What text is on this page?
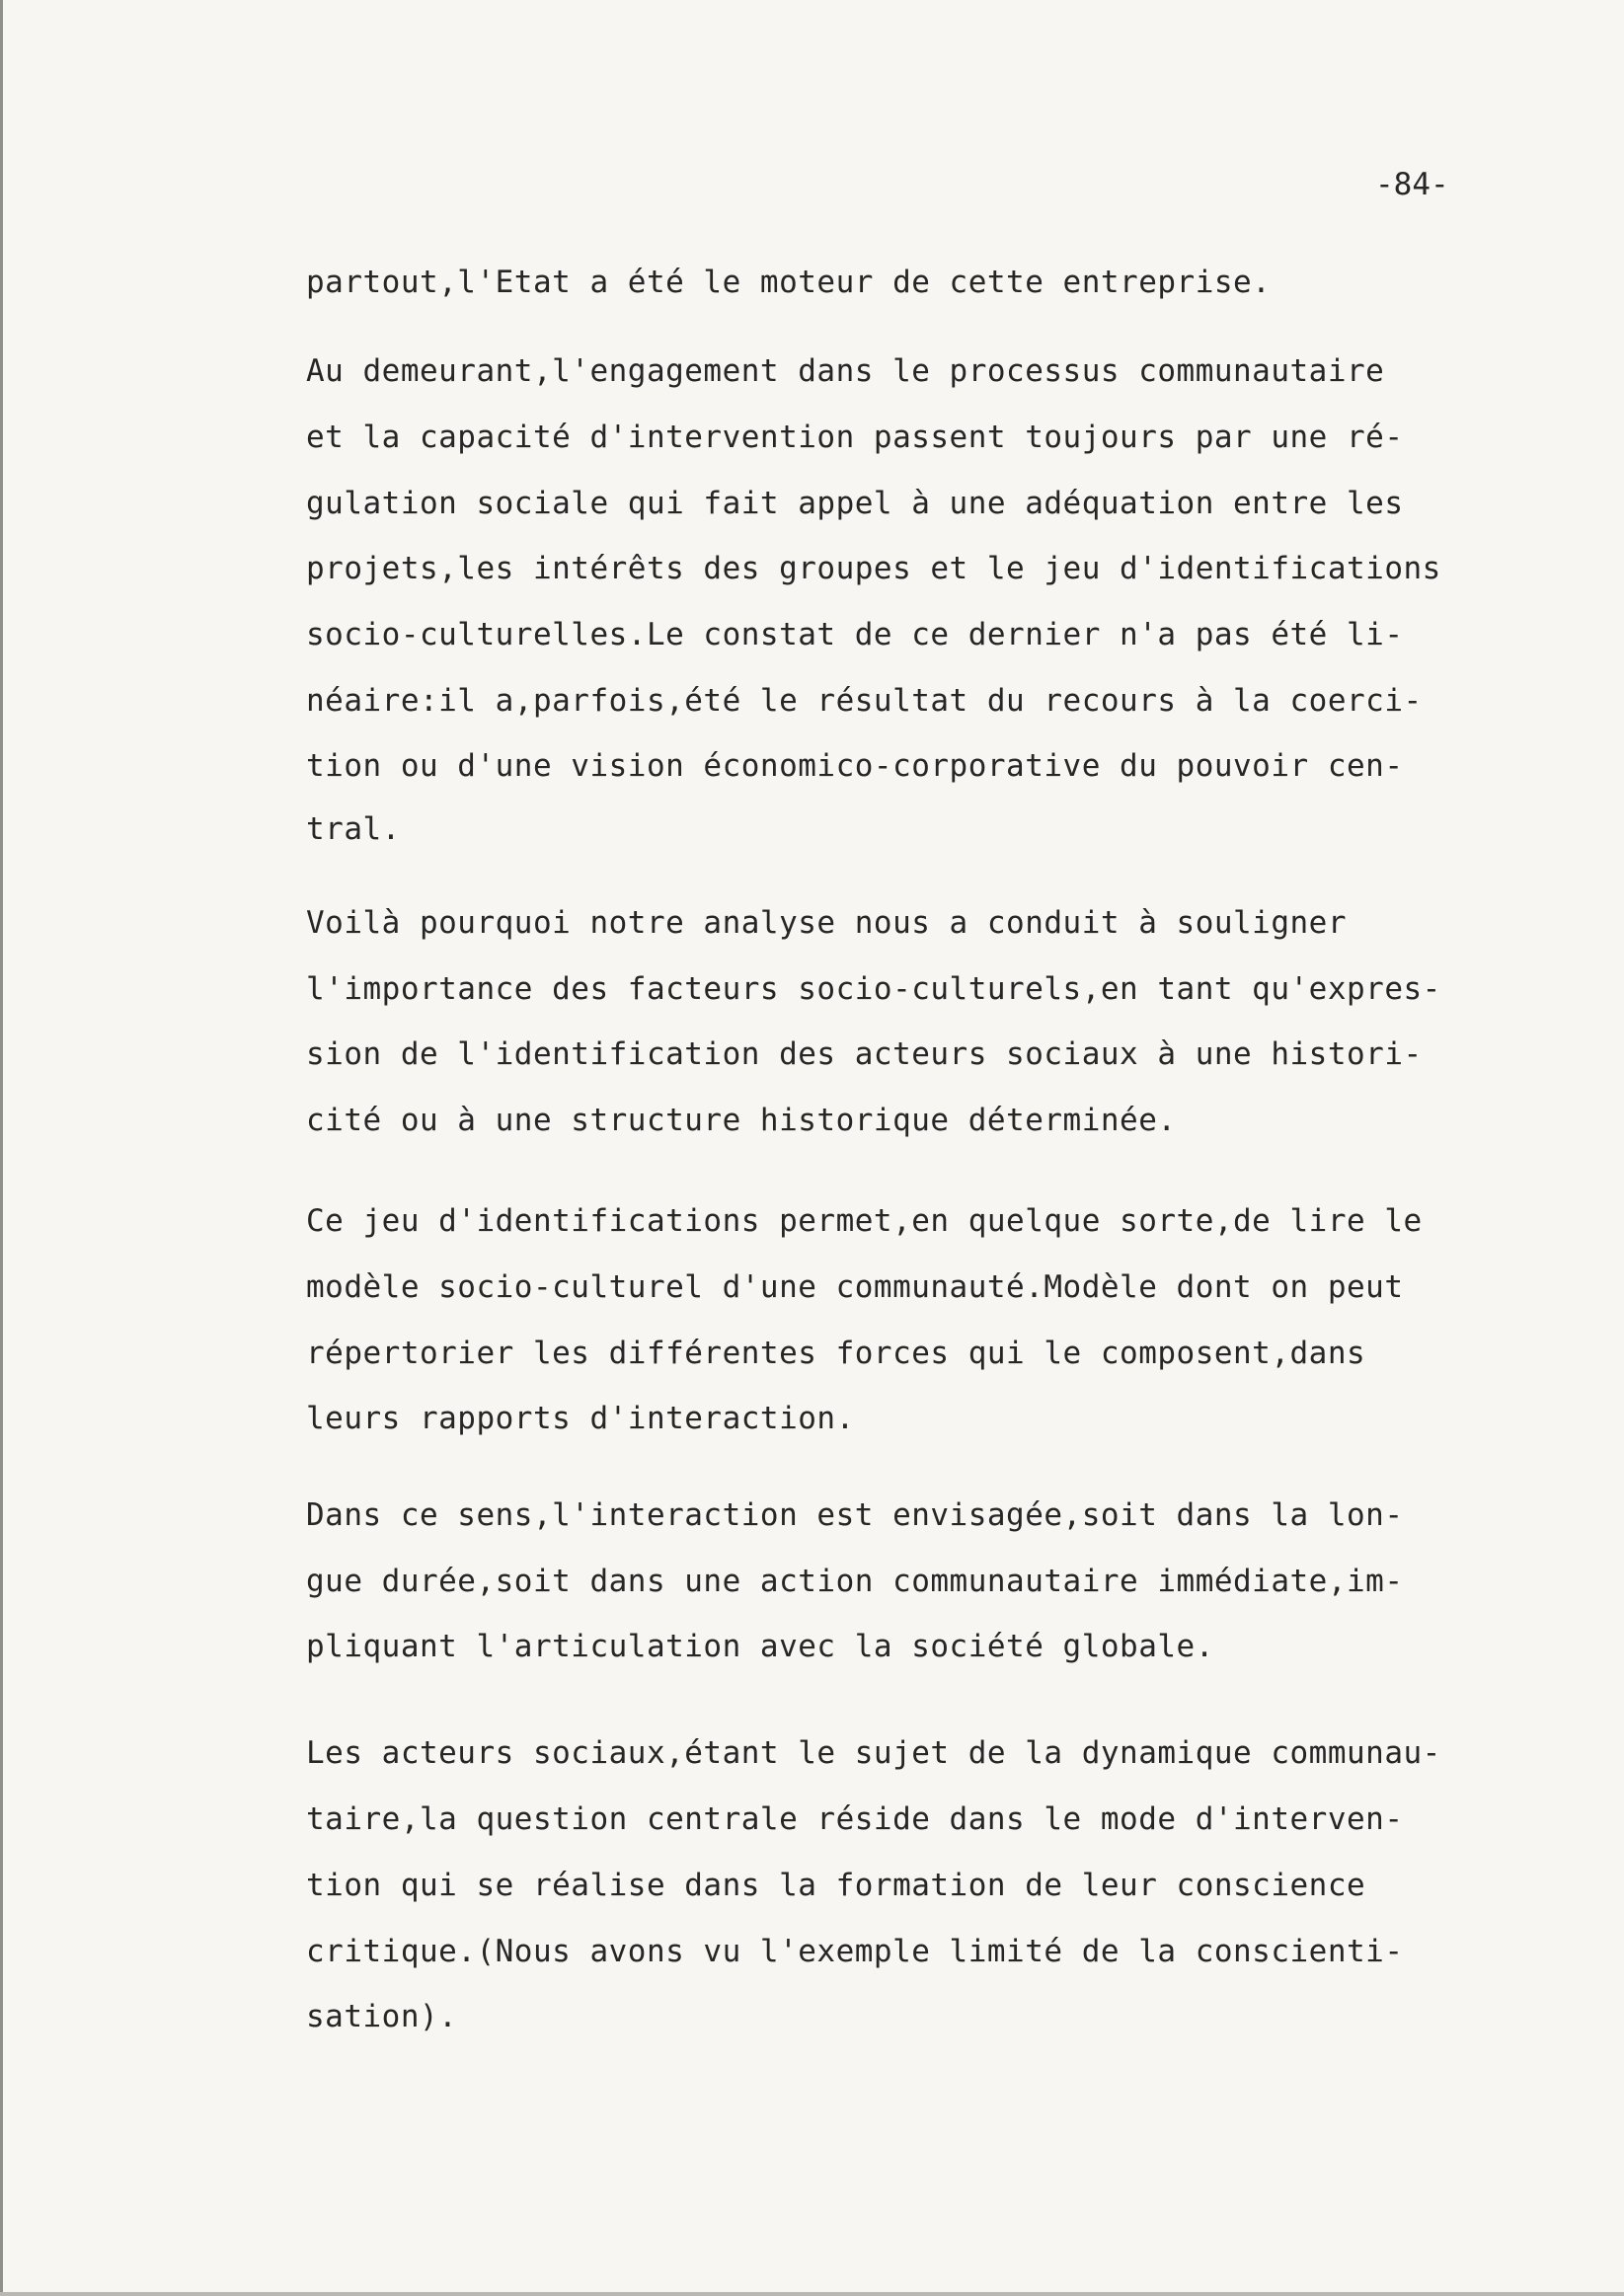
-84-
partout,l'Etat a été le moteur de cette entreprise.
Au demeurant,l'engagement dans le processus communautaire
et la capacité d'intervention passent toujours par une ré-
gulation sociale qui fait appel à une adéquation entre les
projets,les intérêts des groupes et le jeu d'identifications
socio-culturelles.Le constat de ce dernier n'a pas été li-
néaire:il a,parfois,été le résultat du recours à la coerci-
tion ou d'une vision économico-corporative du pouvoir cen-
tral.
Voilà pourquoi notre analyse nous a conduit à souligner
l'importance des facteurs socio-culturels,en tant qu'expres-
sion de l'identification des acteurs sociaux à une histori-
cité ou à une structure historique déterminée.
Ce jeu d'identifications permet,en quelque sorte,de lire le
modèle socio-culturel d'une communauté.Modèle dont on peut
répertorier les différentes forces qui le composent,dans
leurs rapports d'interaction.
Dans ce sens,l'interaction est envisagée,soit dans la lon-
gue durée,soit dans une action communautaire immédiate,im-
pliquant l'articulation avec la société globale.
Les acteurs sociaux,étant le sujet de la dynamique communau-
taire,la question centrale réside dans le mode d'interven-
tion qui se réalise dans la formation de leur conscience
critique.(Nous avons vu l'exemple limité de la conscienti-
sation).
